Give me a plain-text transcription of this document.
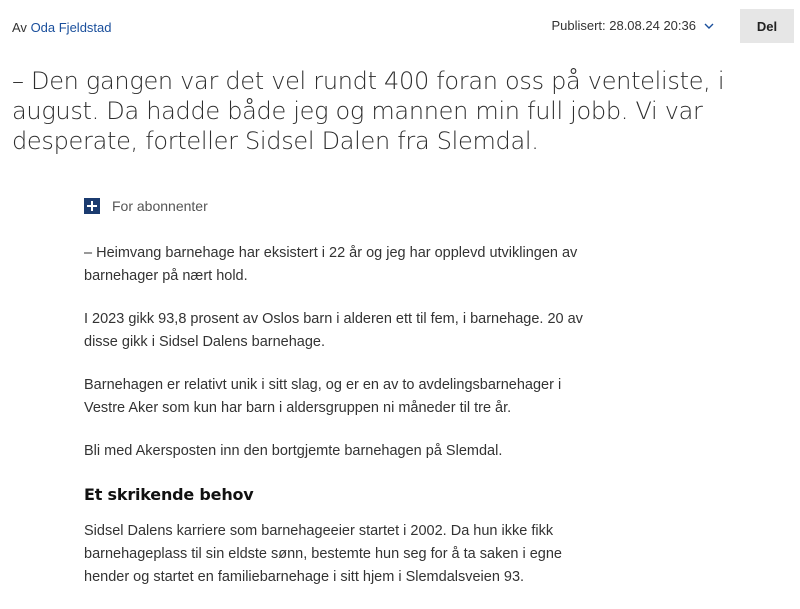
Av Oda Fjeldstad	Publisert: 28.08.24 20:36	Del

– Den gangen var det vel rundt 400 foran oss på venteliste, i august. Da hadde både jeg og mannen min full jobb. Vi var desperate, forteller Sidsel Dalen fra Slemdal.

For abonnenter

– Heimvang barnehage har eksistert i 22 år og jeg har opplevd utviklingen av barnehager på nært hold.

I 2023 gikk 93,8 prosent av Oslos barn i alderen ett til fem, i barnehage. 20 av disse gikk i Sidsel Dalens barnehage.

Barnehagen er relativt unik i sitt slag, og er en av to avdelingsbarnehager i Vestre Aker som kun har barn i aldersgruppen ni måneder til tre år.

Bli med Akersposten inn den bortgjemte barnehagen på Slemdal.

Et skrikende behov

Sidsel Dalens karriere som barnehageeier startet i 2002. Da hun ikke fikk barnehageplass til sin eldste sønn, bestemte hun seg for å ta saken i egne hender og startet en familiebarnehage i sitt hjem i Slemdalsveien 93.
